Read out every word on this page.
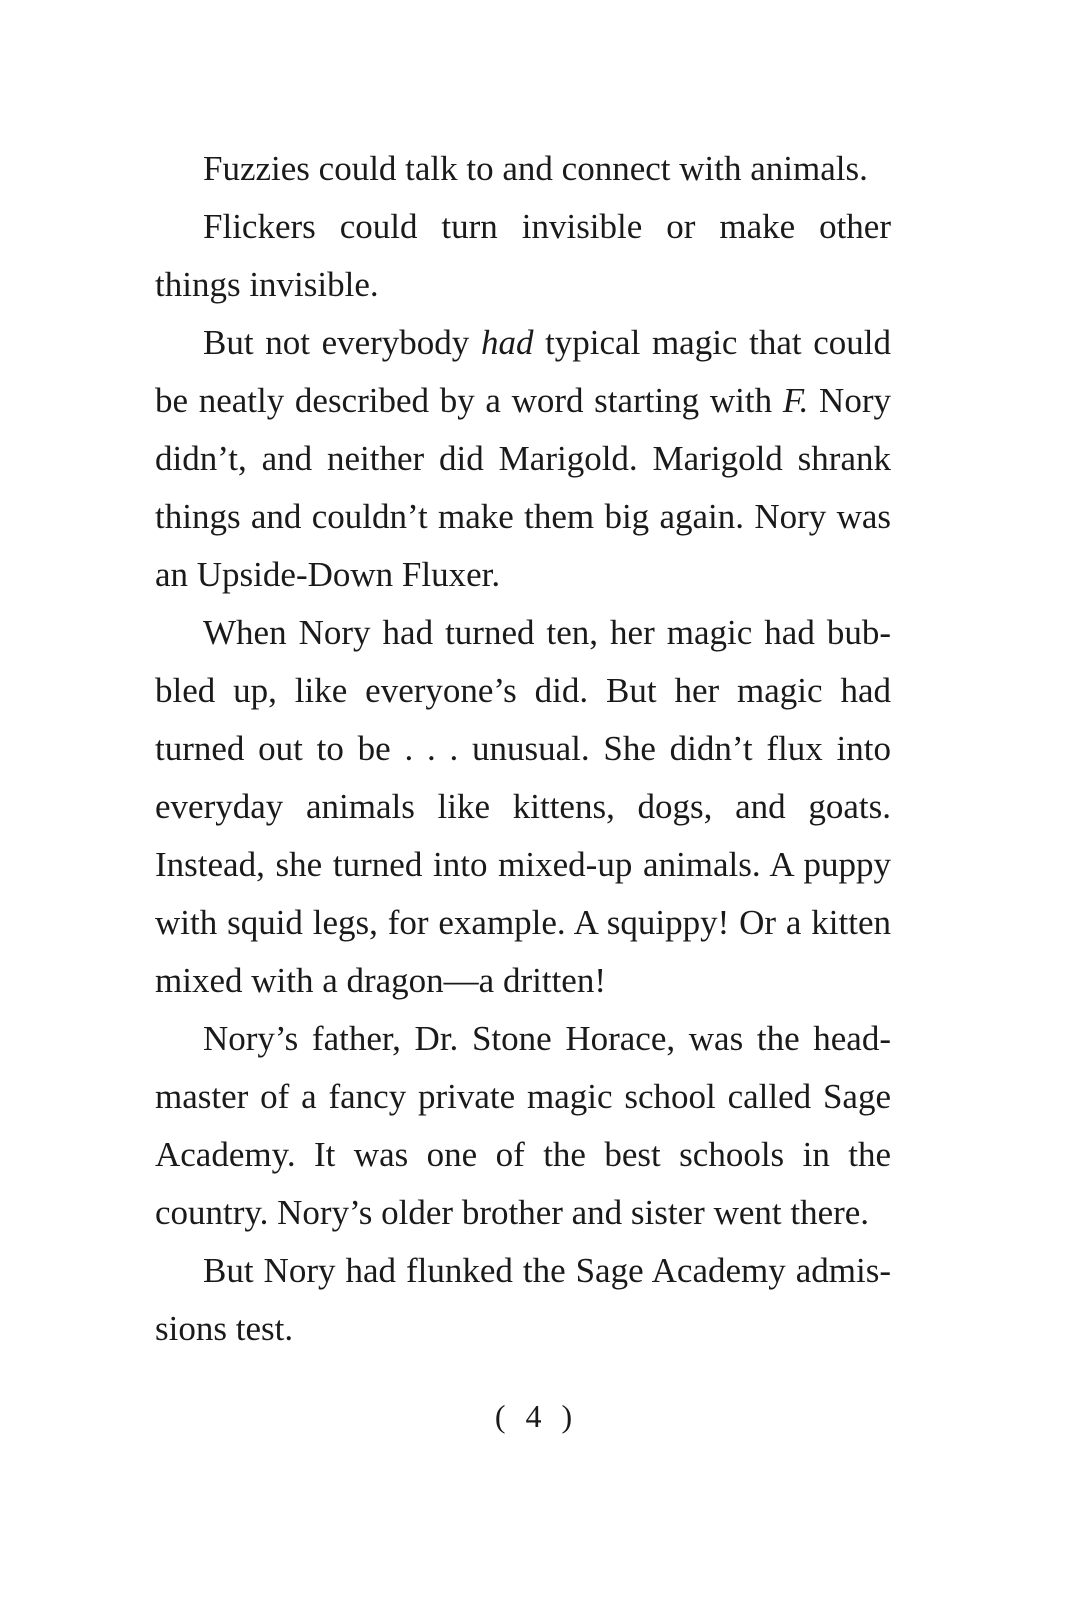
Fuzzies could talk to and connect with animals.

Flickers could turn invisible or make other things invisible.

But not everybody had typical magic that could be neatly described by a word starting with F. Nory didn’t, and neither did Marigold. Marigold shrank things and couldn’t make them big again. Nory was an Upside-Down Fluxer.

When Nory had turned ten, her magic had bubbled up, like everyone’s did. But her magic had turned out to be . . . unusual. She didn’t flux into everyday animals like kittens, dogs, and goats. Instead, she turned into mixed-up animals. A puppy with squid legs, for example. A squippy! Or a kitten mixed with a dragon—a dritten!

Nory’s father, Dr. Stone Horace, was the headmaster of a fancy private magic school called Sage Academy. It was one of the best schools in the country. Nory’s older brother and sister went there.

But Nory had flunked the Sage Academy admissions test.

( 4 )
